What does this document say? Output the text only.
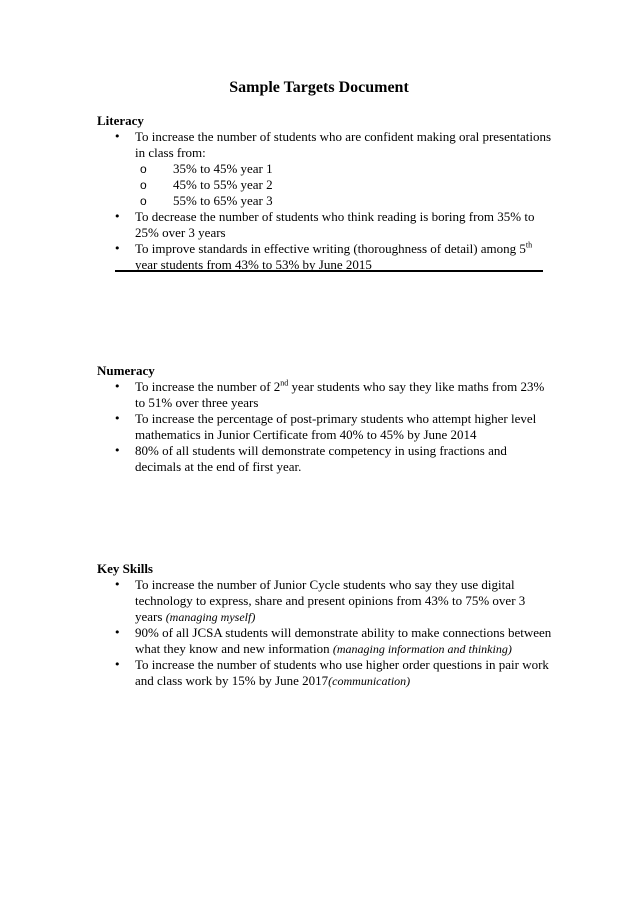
Sample Targets Document
Literacy
• To increase the number of students who are confident making oral presentations in class from:
o 35% to 45% year 1
o 45% to 55% year 2
o 55% to 65% year 3
• To decrease the number of students who think reading is boring from 35% to 25% over 3 years
• To improve standards in effective writing (thoroughness of detail) among 5th year students from 43% to 53% by June 2015
Numeracy
• To increase the number of 2nd year students who say they like maths from 23% to 51% over three years
• To increase the percentage of post-primary students who attempt higher level mathematics in Junior Certificate from 40% to 45% by June 2014
• 80% of all students will demonstrate competency in using fractions and decimals at the end of first year.
Key Skills
• To increase the number of Junior Cycle students who say they use digital technology to express, share and present opinions from 43% to 75% over 3 years (managing myself)
• 90% of all JCSA students will demonstrate ability to make connections between what they know and new information (managing information and thinking)
• To increase the number of students who use higher order questions in pair work and class work by 15% by June 2017(communication)
